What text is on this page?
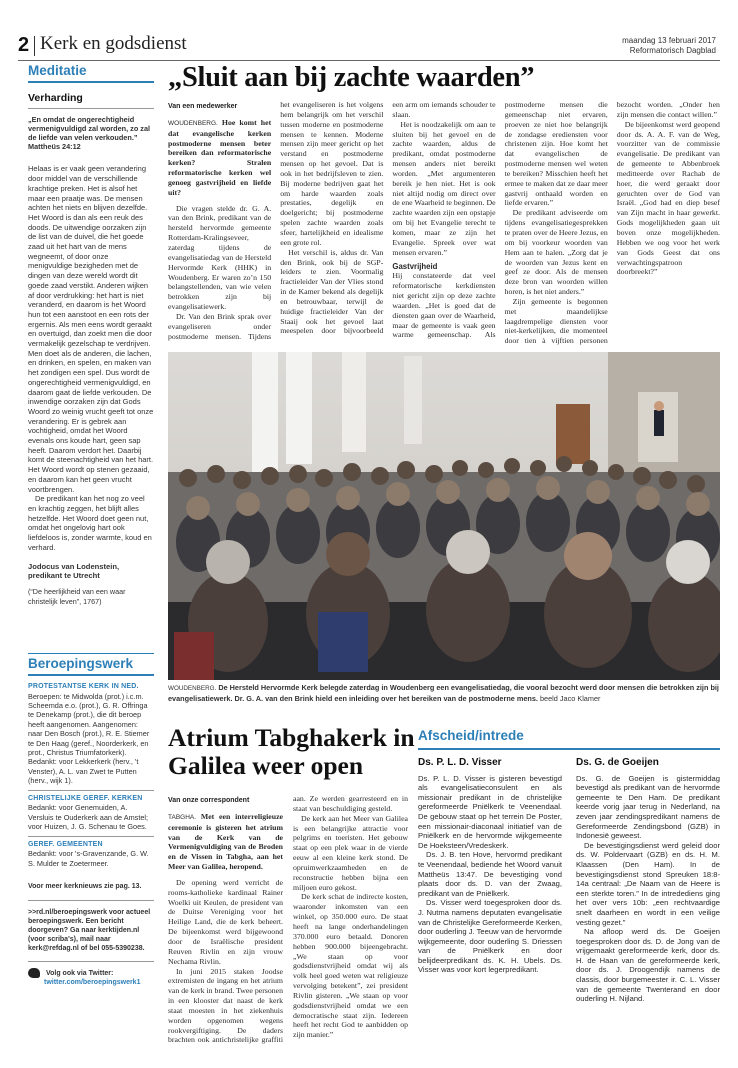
2 Kerk en godsdienst	maandag 13 februari 2017
Reformatorisch Dagblad
Meditatie
Verharding
„En omdat de ongerechtigheid vermenigvuldigd zal worden, zo zal de liefde van velen verkouden.”
Mattheüs 24:12
Helaas is er vaak geen verandering door middel van de verschillende krachtige preken. Het is alsof het maar een praatje was. De mensen achten het niets en blijven dezelfde. Het Woord is dan als een reuk des doods. De uitwendige oorzaken zijn de list van de duivel, die het goede zaad uit het hart van de mens wegneemt, of door onze menigvuldige bezigheden met de dingen van deze wereld wordt dit goede zaad verstikt. Anderen wijken af door verdrukking: het hart is niet veranderd, en daarom is het Woord hun tot een aanstoot en een rots der ergernis. Als men eens wordt geraakt en overtuigd, dan zoekt men die door vermakelijk gezelschap te verdrijven. Men doet als de anderen, die lachen, en drinken, en spelen, en maken van het zondigen een spel. Dus wordt de ongerechtigheid vermenigvuldigd, en daarom gaat de liefde verkouden. De inwendige oorzaken zijn dat Gods Woord zo weinig vrucht geeft tot onze verandering. Er is gebrek aan vochtigheid, omdat het Woord evenals ons koude hart, geen sap heeft. Daarom verdort het. Daarbij komt de steenachtigheid van het hart. Het Woord wordt op stenen gezaaid, en daarom kan het geen vrucht voortbrengen.
De predikant kan het nog zo veel en krachtig zeggen, het blijft alles hetzelfde. Het Woord doet geen nut, omdat het ongelovig hart ook liefdeloos is, zonder warmte, koud en verhard.
Jodocus van Lodenstein, predikant te Utrecht
(“De heerlijkheid van een waar christelijk leven”, 1767)
Beroepingswerk
PROTESTANTSE KERK IN NED.
Beroepen: te Midwolda (prot.) i.c.m. Scheemda e.o. (prot.), G. R. Offringa te Denekamp (prot.), die dit beroep heeft aangenomen. Aangenomen: naar Den Bosch (prot.), R. E. Stiemer te Den Haag (geref., Noorderkerk, en prot., Christus Triumfatorkerk). Bedankt: voor Lekkerkerk (herv., 't Venster), A. L. van Zwet te Putten (herv., wijk 1).
CHRISTELIJKE GEREF. KERKEN
Bedankt: voor Genemuiden, A. Versluis te Ouderkerk aan de Amstel; voor Huizen, J. G. Schenau te Goes.
GEREF. GEMEENTEN
Bedankt: voor 's-Gravenzande, G. W. S. Mulder te Zoetermeer.
Voor meer kerknieuws zie pag. 13.
>>rd.nl/beroepingswerk voor actueel beroepingswerk. Een bericht doorgeven? Ga naar kerktijden.nl (voor scriba's), mail naar kerk@refdag.nl of bel 055-5390238.
Volg ook via Twitter:
twitter.com/beroepingswerk1
„Sluit aan bij zachte waarden”
Van een medewerker

WOUDENBERG. Hoe komt het dat evangelische kerken postmoderne mensen beter bereiken dan reformatorische kerken? Stralen reformatorische kerken wel genoeg gastvrijheid en liefde uit?

Die vragen stelde dr. G. A. van den Brink, predikant van de hersteld hervormde gemeente Rotterdam-Kralingseveer, zaterdag tijdens de evangelisatiedag van de Hersteld Hervormde Kerk (HHK) in Woudenberg. Er waren zo’n 150 belangstellenden, van wie velen betrokken zijn bij evangelisatiewerk.

Dr. Van den Brink sprak over evangeliseren onder postmoderne mensen. Tijdens het evangeliseren is het volgens hem belangrijk om het verschil tussen moderne en postmoderne mensen te kennen. Moderne mensen zijn meer gericht op het verstand en postmoderne mensen op het gevoel. Dat is ook in het bedrijfsleven te zien. Bij moderne bedrijven gaat het om harde waarden zoals prestaties, degelijk en doelgericht; bij postmoderne spelen zachte waarden zoals sfeer, hartelijkheid en idealisme een grote rol.

Het verschil is, aldus dr. Van den Brink, ook bij de SGP-leiders te zien. Voormalig fractieleider Van der Vlies stond in de Kamer bekend als degelijk en betrouwbaar, terwijl de huidige fractieleider Van der Staaij ook het gevoel laat meespelen door bijvoorbeeld een arm om iemands schouder te slaan.

Het is noodzakelijk om aan te sluiten bij het gevoel en de zachte waarden, aldus de predikant, omdat postmoderne mensen anders niet bereikt worden. „Met argumenteren bereik je hen niet. Het is ook niet altijd nodig om direct over de ene Waarheid te beginnen. De zachte waarden zijn een opstapje om bij het Evangelie terecht te komen, maar ze zijn het Evangelie. Spreek over wat mensen ervaren.”

Gastvrijheid

Hij constateerde dat veel reformatorische kerkdiensten niet gericht zijn op deze zachte waarden. „Het is goed dat de diensten gaan over de Waarheid, maar de gemeente is vaak geen warme gemeenschap. Als postmoderne mensen die gemeenschap niet ervaren, proeven ze niet hoe belangrijk de zondagse erediensten voor christenen zijn. Hoe komt het dat evangelischen de postmoderne mensen wel weten te bereiken? Misschien heeft het ermee te maken dat ze daar meer gastvrij onthaald worden en liefde ervaren.”

De predikant adviseerde om tijdens evangelisatiegesprekken te praten over de Heere Jezus, en om bij voorkeur woorden van Hem aan te halen. „Zorg dat je de woorden van Jezus kent en geef ze door. Als de mensen deze bron van woorden willen horen, is het niet anders.”

Zijn gemeente is begonnen met maandelijkse laagdrempelige diensten voor niet-kerkelijken, die momenteel door tien à vijftien personen bezocht worden. „Onder hen zijn mensen die contact willen.”

De bijeenkomst werd geopend door ds. A. A. F. van de Weg, voorzitter van de commissie evangelisatie. De predikant van de gemeente te Abbenbroek meditteerde over Rachab de hoer, die werd geraakt door geruchten over de God van Israël. „God had en diep besef van Zijn macht in haar gewerkt. Gods mogelijkheden gaan uit boven onze mogelijkheden. Hebben we oog voor het werk van Gods Geest dat ons verwachtingspatroon doorbreekt?”

WOUDENBERG. De Hersteld Hervormde Kerk belegde zaterdag in Woudenberg een evangelisatiedag, die vooral bezocht werd door mensen die betrokken zijn bij evangelisatiewerk. Dr. G. A. van den Brink hield een inleiding over het bereiken van de postmoderne mens. beeld Jaco Klamer
Atrium Tabghakerk in
Galilea weer open
Van onze correspondent

TABGHA. Met een interreligieuze ceremonie is gisteren het atrium van de Kerk van de Vermenigvuldiging van de Broden en de Vissen in Tabgha, aan het Meer van Galilea, heropend.

De opening werd verricht de rooms-katholieke kardinaal Rainer Woelki uit Keulen, de president van de Duitse Vereniging voor het Heilige Land, die de kerk beheert. De bijeenkomst werd bijgewoond door de Israëlische president Reuven Rivlin en zijn vrouw Nechama Rivlin.

In juni 2015 staken Joodse extremisten de ingang en het atrium van de kerk in brand. Twee personen in een klooster dat naast de kerk staat moesten in het ziekenhuis worden opgenomen wegens rookvergiftiging. De daders brachten ook antichristelijke graffiti aan. Ze werden gearresteerd en in staat van beschuldiging gesteld.

De kerk aan het Meer van Galilea is een belangrijke attractie voor pelgrims en toeristen. Het gebouw staat op een plek waar in de vierde eeuw al een kleine kerk stond. De opruimwerkzaamheden en de reconstructie hebben bijna een miljoen euro gekost.

De kerk schat de indirecte kosten, waaronder inkomsten van een winkel, op 350.000 euro. De staat heeft na lange onderhandelingen 370.000 euro betaald. Donoren hebben 900.000 bijeengebracht. „We staan op voor godsdienstvrijheid omdat wij als volk heel goed weten wat religieuze vervolging betekent”, zei president Rivlin gisteren. „We staan op voor godsdienstvrijheid omdat we een democratische staat zijn. Iedereen heeft het recht God te aanbidden op zijn manier.”

Afscheid/intrede
Ds. P. L. D. Visser

Ds. P. L. D. Visser is gisteren bevestigd als evangelisatieconsulent en als missionair predikant in de christelijke gereformeerde Pniëlkerk te Veenendaal. De gebouw staat op het terrein De Poster, een missionair-diaconaal initiatief van de Pniëlkerk en de hervormde wijkgemeente De Hoeksteen/Vredeskerk.

Ds. J. B. ten Hove, hervormd predikant te Veenendaal, bediende het Woord vanuit Mattheüs 13:47. De bevestiging vond plaats door ds. D. van der Zwaag, predikant van de Pniëlkerk.

Ds. Visser werd toegesproken door ds. J. Nutma namens deputaten evangelisatie van de Christelijke Gereformeerde Kerken, door ouderling J. Teeuw van de hervormde wijkgemeente, door ouderling S. Driessen van de Pniëlkerk en door belijdeerpredikant ds. K. H. Ubels. Ds. Visser was voor kort legerpredikant.

Ds. G. de Goeijen

Ds. G. de Goeijen is gistermiddag bevestigd als predikant van de hervormde gemeente te Den Ham. De predikant keerde vorig jaar terug in Nederland, na zeven jaar zendingspredikant namens de Gereformeerde Zendingsbond (GZB) in Indonesië geweest.

De bevestigingsdienst werd geleid door ds. W. Poldervaart (GZB) en ds. H. M. Klaassen (Den Ham). In de bevestigingsdienst stond Spreuken 18:8-14a centraal: „De Naam van de Heere is een sterkte toren.” In de intredediens ging het over vers 10b: „een rechtvaardige snelt daarheen en wordt in een veilige vesting gezet.”

Na afloop werd ds. De Goeijen toegesproken door ds. D. de Jong van de vrijgemaakt gereformeerde kerk, door ds. H. de Haan van de gereformeerde kerk, door ds. J. Droogendijk namens de classis, door burgemeester ir. C. L. Visser van de gemeente Twenterand en door ouderling H. Nijland.
